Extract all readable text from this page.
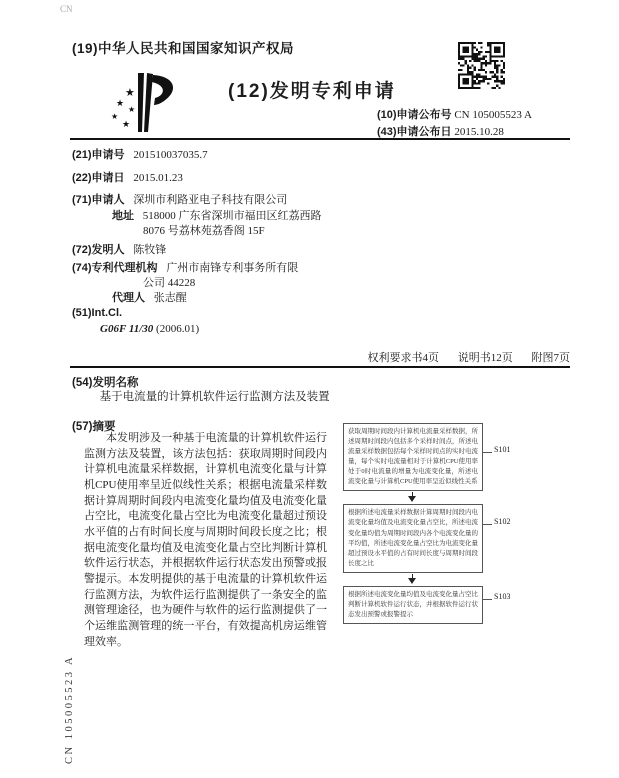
CN
CN 105005523 A
(19)中华人民共和国国家知识产权局
★
★
★
★
★
(12)发明专利申请
(10)申请公布号 CN 105005523 A
(43)申请公布日 2015.10.28
(21)申请号 201510037035.7
(22)申请日 2015.01.23
(71)申请人 深圳市利路亚电子科技有限公司
地址 518000 广东省深圳市福田区红荔西路
8076 号荔林苑荔香阁 15F
(72)发明人 陈牧锋
(74)专利代理机构 广州市南锋专利事务所有限
公司 44228
代理人 张志醒
(51)Int.Cl.
G06F 11/30 (2006.01)
权利要求书4页 说明书12页 附图7页
(54)发明名称
基于电流量的计算机软件运行监测方法及装置
(57)摘要
本发明涉及一种基于电流量的计算机软件运行监测方法及装置，该方法包括：获取周期时间段内计算机电流量采样数据，计算机电流变化量与计算机CPU使用率呈近似线性关系；根据电流量采样数据计算周期时间段内电流变化量均值及电流变化量占空比，电流变化量占空比为电流变化量超过预设水平值的占有时间长度与周期时间段长度之比；根据电流变化量均值及电流变化量占空比判断计算机软件运行状态，并根据软件运行状态发出预警或报警提示。本发明提供的基于电流量的计算机软件运行监测方法，为软件运行监测提供了一条安全的监测管理途径，也为硬件与软件的运行监测提供了一个运维监测管理的统一平台，有效提高机房运维管理效率。
获取周期时间段内计算机电流量采样数据，所述周期时间段内包括多个采样时间点，所述电流量采样数据包括每个采样时间点的实时电流量，每个实时电流量相对于计算机CPU使用率处于0时电流量的增量为电流变化量，所述电流变化量与计算机CPU使用率呈近似线性关系
S101
根据所述电流量采样数据计算周期时间段内电流变化量均值及电流变化量占空比，所述电流变化量均值为周期时间段内各个电流变化量的平均值，所述电流变化量占空比为电流变化量超过预设水平值的占有时间长度与周期时间段长度之比
S102
根据所述电流变化量均值及电流变化量占空比判断计算机软件运行状态，并根据软件运行状态发出预警或报警提示
S103
